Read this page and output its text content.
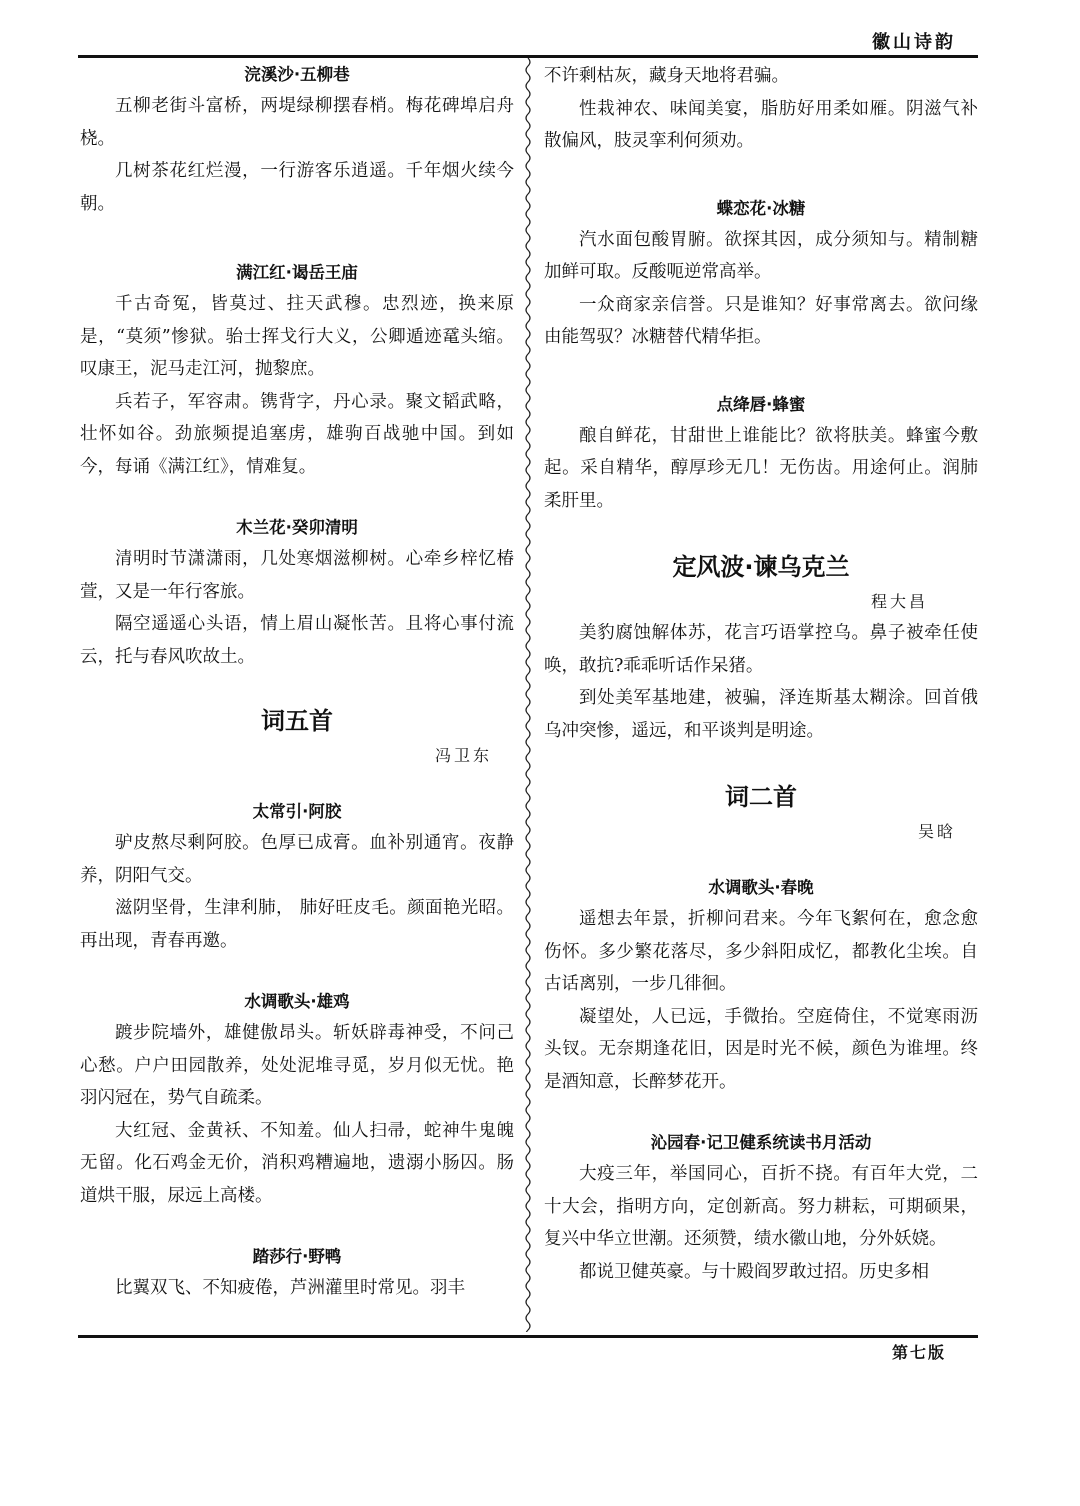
徽山诗韵
浣溪沙·五柳巷

五柳老街斗富桥，两堤绿柳摆春梢。梅花碑埠启舟桡。

几树茶花红烂漫，一行游客乐逍遥。千年烟火续今朝。

满江红·谒岳王庙

千古奇冤，皆莫过、拄天武穆。忠烈迹，换来原是，“莫须”惨狱。骀士挥戈行大义，公卿遁迹鼋头缩。叹康王，泥马走江河，抛黎庶。

兵若子，军容肃。镌背字，丹心录。聚文韬武略，壮怀如谷。劲旅频提追塞虏，雄驹百战驰中国。到如今，每诵《满江红》，情难复。

木兰花·癸卯清明

清明时节潇潇雨，几处寒烟滋柳树。心牵乡梓忆椿萱，又是一年行客旅。

隔空遥遥心头语，情上眉山凝怅苦。且将心事付流云，托与春风吹故土。

词五首

冯卫东

太常引·阿胶

驴皮熬尽剩阿胶。色厚已成膏。血补别通宵。夜静养，阴阳气交。

滋阴坚骨，生津利肺， 肺好旺皮毛。颜面艳光昭。再出现，青春再邀。

水调歌头·雄鸡

踱步院墙外，雄健傲昂头。斩妖辟毒神受，不问己心愁。户户田园散养，处处泥堆寻觅，岁月似无忧。艳羽闪冠在，势气自疏柔。

大红冠、金黄袄、不知羞。仙人扫帚，蛇神牛鬼魄无留。化石鸡金无价，消积鸡糟遍地，遗溺小肠囚。肠道烘干服，尿远上高楼。

踏莎行·野鸭

比翼双飞、不知疲倦，芦洲灌里时常见。羽丰

不许剩枯灰，藏身天地将君骗。

性栽神农、味闻美宴，脂肪好用柔如雁。阴滋气补散偏风，肢灵挛利何须劝。

蝶恋花·冰糖

汽水面包酸胃腑。欲探其因，成分须知与。精制糖加鲜可取。反酸呃逆常高举。

一众商家亲信誉。只是谁知？好事常离去。欲问缘由能驾驭？冰糖替代精华拒。

点绛唇·蜂蜜

酿自鲜花，甘甜世上谁能比？欲将肤美。蜂蜜今敷起。采自精华，醇厚珍无几！无伤齿。用途何止。润肺柔肝里。

定风波·谏乌克兰

程大昌

美豹腐蚀解体苏，花言巧语掌控乌。鼻子被牵任使唤，敢抗?乖乖听话作呆猪。

到处美军基地建，被骗，泽连斯基太糊涂。回首俄乌冲突惨，遥远，和平谈判是明途。

词二首

吴晗

水调歌头·春晚

遥想去年景，折柳问君来。今年飞絮何在，愈念愈伤怀。多少繁花落尽，多少斜阳成忆，都教化尘埃。自古话离别，一步几徘徊。

凝望处，人已远，手微抬。空庭倚住，不觉寒雨沥头钗。无奈期逢花旧，因是时光不候，颜色为谁埋。终是酒知意，长醉梦花开。

沁园春·记卫健系统读书月活动

大疫三年，举国同心，百折不挠。有百年大党，二十大会，指明方向，定创新高。努力耕耘，可期硕果，复兴中华立世潮。还须赞，绩水徽山地，分外妖娆。

都说卫健英豪。与十殿阎罗敢过招。历史多相

第七版
